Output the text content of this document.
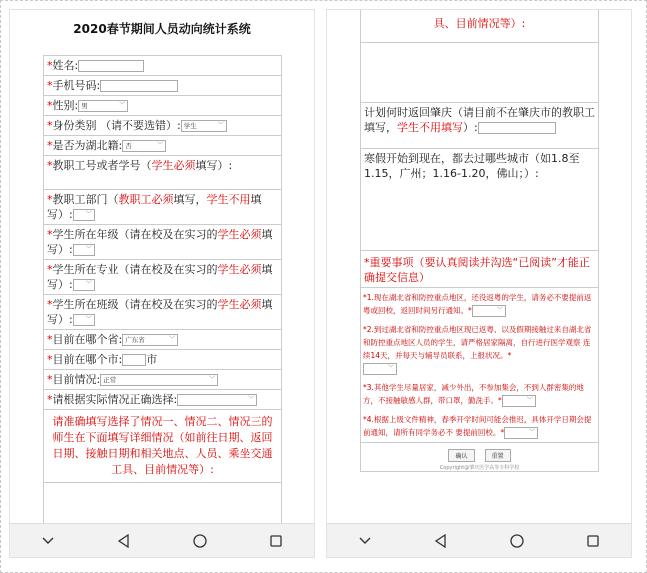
2020春节期间人员动向统计系统
*姓名:
*手机号码:
*性别: 男	﹀
*身份类别 （请不要选错）: 学生	﹀
*是否为湖北籍: 否	﹀
*教职工号或者学号（学生必须填写）:
*教职工部门（教职工必须填写，学生不用填写）: ﹀
*学生所在年级（请在校及在实习的学生必须填写）: ﹀
*学生所在专业（请在校及在实习的学生必须填写）: ﹀
*学生所在班级（请在校及在实习的学生必须填写）: ﹀
*目前在哪个省: 广东省	﹀
*目前在哪个市: 市
*目前情况: 正常	﹀
*请根据实际情况正确选择:	﹀
请准确填写选择了情况一、情况二、情况三的师生在下面填写详细情况（如前往日期、返回日期、接触日期和相关地点、人员、乘坐交通工具、目前情况等）:
具、目前情况等）:
计划何时返回肇庆（请目前不在肇庆市的教职工填写，学生不用填写）:
寒假开始到现在，都去过哪些城市（如1.8至1.15，广州；1.16-1.20，佛山；）:
*重要事项（要认真阅读并沟选“已阅读”才能正确提交信息）
*1.现在湖北省和防控重点地区，还没返粤的学生，请务必不要提前返粤或回校，返回时间另行通知。*	﹀
*2.到过湖北省和防控重点地区现已返粤、以及假期接触过来自湖北省和防控重点地区人员的学生，请严格居家隔离，自行进行医学观察 连续14天，并每天与辅导员联系，上报状况。*

﹀
*3.其他学生尽量居家，减少外出，不参加集会，不到人群密集的地方，不接触敏感人群，带口罩，勤洗手。*	﹀
*4.根据上级文件精神，春季开学时间可能会推迟，具体开学日期会提前通知，请所有同学务必不 要提前回校。*	﹀
确认	重置
Copyright@肇庆医学高等专科学校
